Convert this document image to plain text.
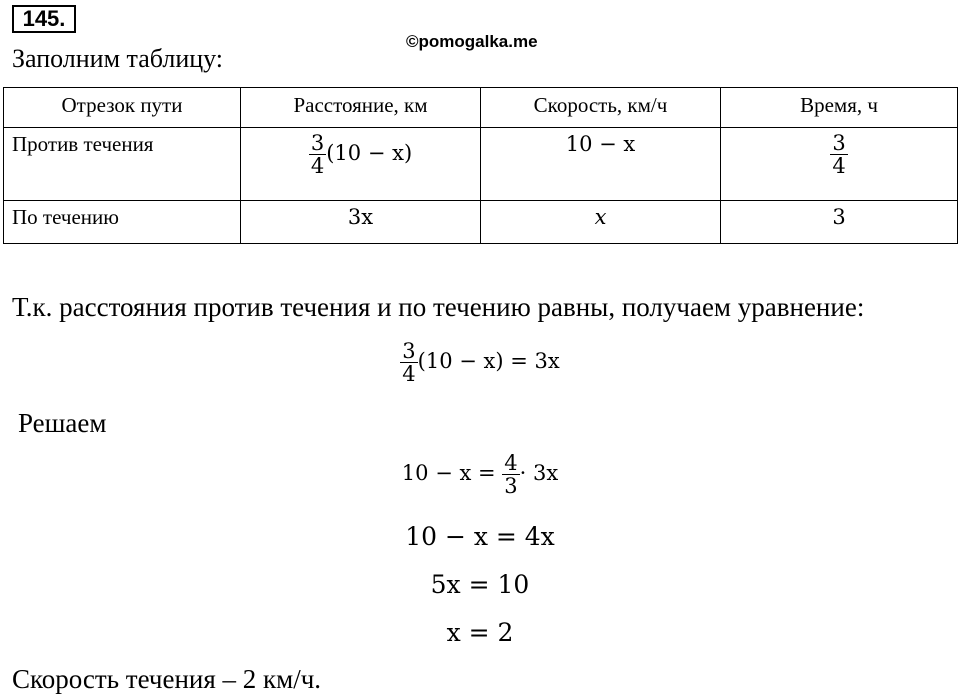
145.
©pomogalka.me
Заполним таблицу:
Отрезок пути	Расстояние, км	Скорость, км/ч	Время, ч
Против течения	$\frac{3}{4} (10 - x)$	10 − x	$\frac{3}{4}$

По течению	3x	x	3
Т.к. расстояния против течения и по течению равны, получаем уравнение:
$\frac{3}{4} (10 - x) = 3x$
Решаем
$10 - x = \frac{4}{3} \cdot 3x$
10 − x = 4x
5x = 10
x = 2
Скорость течения – 2 км/ч.
